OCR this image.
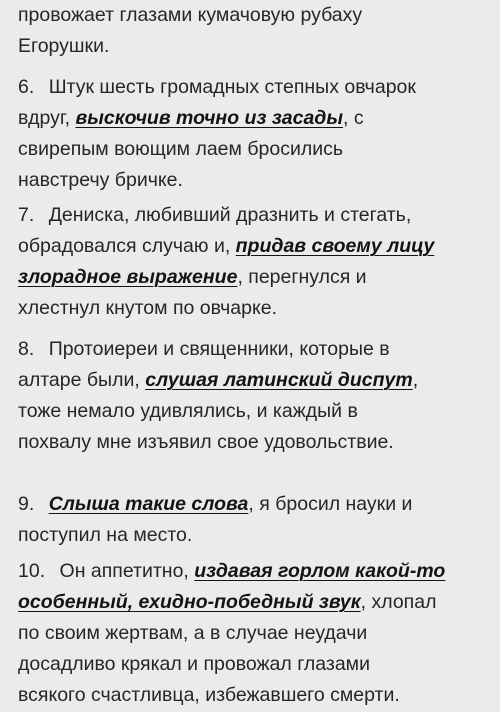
провожает глазами кумачовую рубаху
Егорушки.
6. Штук шесть громадных степных овчарок
вдруг, выскочив точно из засады, с
свирепым воющим лаем бросились
навстречу бричке.
7. Дениска, любивший дразнить и стегать,
обрадовался случаю и, придав своему лицу
злорадное выражение, перегнулся и
хлестнул кнутом по овчарке.
8. Протоиереи и священники, которые в
алтаре были, слушая латинский диспут,
тоже немало удивлялись, и каждый в
похвалу мне изъявил свое удовольствие.
9. Слыша такие слова, я бросил науки и
поступил на место.
10. Он аппетитно, издавая горлом какой-то
особенный, ехидно-победный звук, хлопал
по своим жертвам, а в случае неудачи
досадливо крякал и провожал глазами
всякого счастливца, избежавшего смерти.
